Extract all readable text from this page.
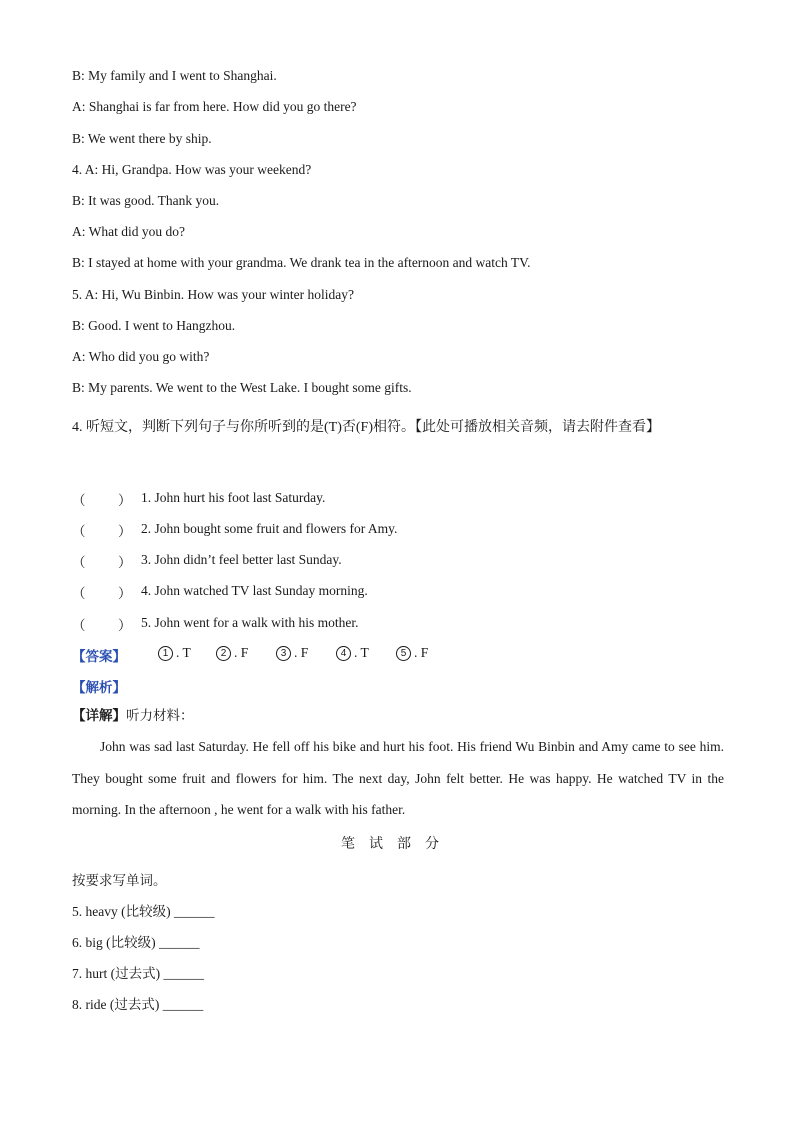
B: My family and I went to Shanghai.
A: Shanghai is far from here. How did you go there?
B: We went there by ship.
4. A: Hi, Grandpa. How was your weekend?
B: It was good. Thank you.
A: What did you do?
B: I stayed at home with your grandma. We drank tea in the afternoon and watch TV.
5. A: Hi, Wu Binbin. How was your winter holiday?
B: Good. I went to Hangzhou.
A: Who did you go with?
B: My parents. We went to the West Lake. I bought some gifts.
4. 听短文，判断下列句子与你所听到的是(T)否(F)相符。【此处可播放相关音频，请去附件查看】
（ ） 1. John hurt his foot last Saturday.
（ ） 2. John bought some fruit and flowers for Amy.
（ ） 3. John didn’t feel better last Sunday.
（ ） 4. John watched TV last Sunday morning.
（ ） 5. John went for a walk with his mother.
【答案】	1 . T	2 . F	3 . F	4 . T	5 . F
【解析】
【详解】听力材料：
John was sad last Saturday. He fell off his bike and hurt his foot. His friend Wu Binbin and Amy came to see him. They bought some fruit and flowers for him. The next day, John felt better. He was happy. He watched TV in the morning. In the afternoon , he went for a walk with his father.
笔试部分
按要求写单词。
5. heavy (比较级) ______
6. big (比较级) ______
7. hurt (过去式) ______
8. ride (过去式) ______
